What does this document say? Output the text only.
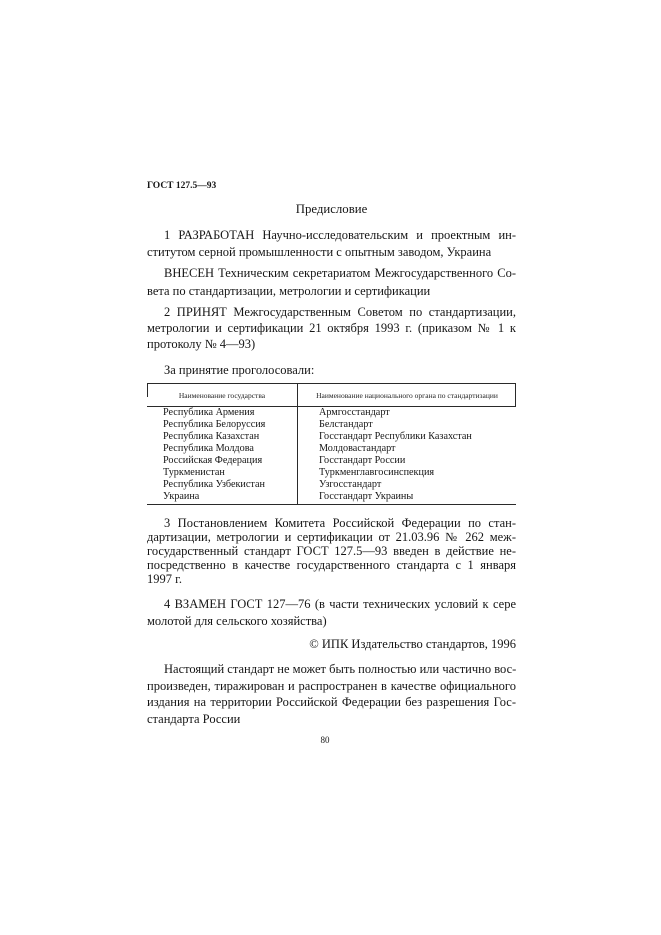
ГОСТ 127.5—93
Предисловие
1 РАЗРАБОТАН Научно-исследовательским и проектным ин-
ститутом серной промышленности с опытным заводом, Украина
ВНЕСЕН Техническим секретариатом Межгосударственного Со-
вета по стандартизации, метрологии и сертификации
2 ПРИНЯТ Межгосударственным Советом по стандартизации,
метрологии и сертификации 21 октября 1993 г. (приказом № 1 к
протоколу № 4—93)
За принятие проголосовали:
Наименование государства	Наименование национального органа по стандартизации
Республика Армения	Армгосстандарт
Республика Белоруссия	Белстандарт
Республика Казахстан	Госстандарт Республики Казахстан
Республика Молдова	Молдовастандарт
Российская Федерация	Госстандарт России
Туркменистан	Туркменглавгосинспекция
Республика Узбекистан	Узгосстандарт
Украина	Госстандарт Украины
3 Постановлением Комитета Российской Федерации по стан-
дартизации, метрологии и сертификации от 21.03.96 № 262 меж-
государственный стандарт ГОСТ 127.5—93 введен в действие не-
посредственно в качестве государственного стандарта с 1 января
1997 г.
4 ВЗАМЕН ГОСТ 127—76 (в части технических условий к сере
молотой для сельского хозяйства)
© ИПК Издательство стандартов, 1996
Настоящий стандарт не может быть полностью или частично вос-
произведен, тиражирован и распространен в качестве официального
издания на территории Российской Федерации без разрешения Гос-
стандарта России
80
